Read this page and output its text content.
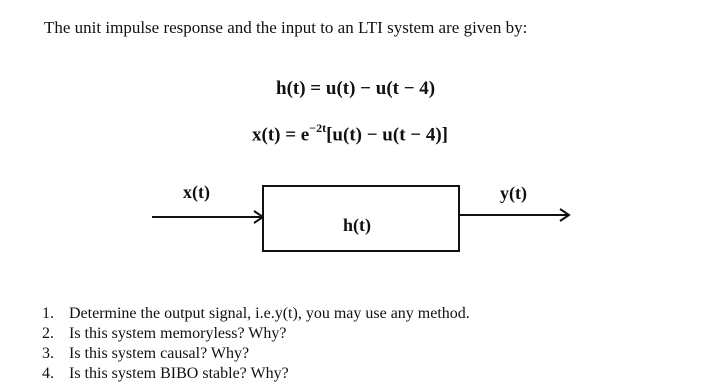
The unit impulse response and the input to an LTI system are given by:
h(t) = u(t) − u(t − 4)
$x(t) = e^{-2t}[u(t) - u(t - 4)]$
x(t)	y(t)
h(t)
1. Determine the output signal, i.e.y(t), you may use any method.
2. Is this system memoryless? Why?
3. Is this system causal? Why?
4. Is this system BIBO stable? Why?
